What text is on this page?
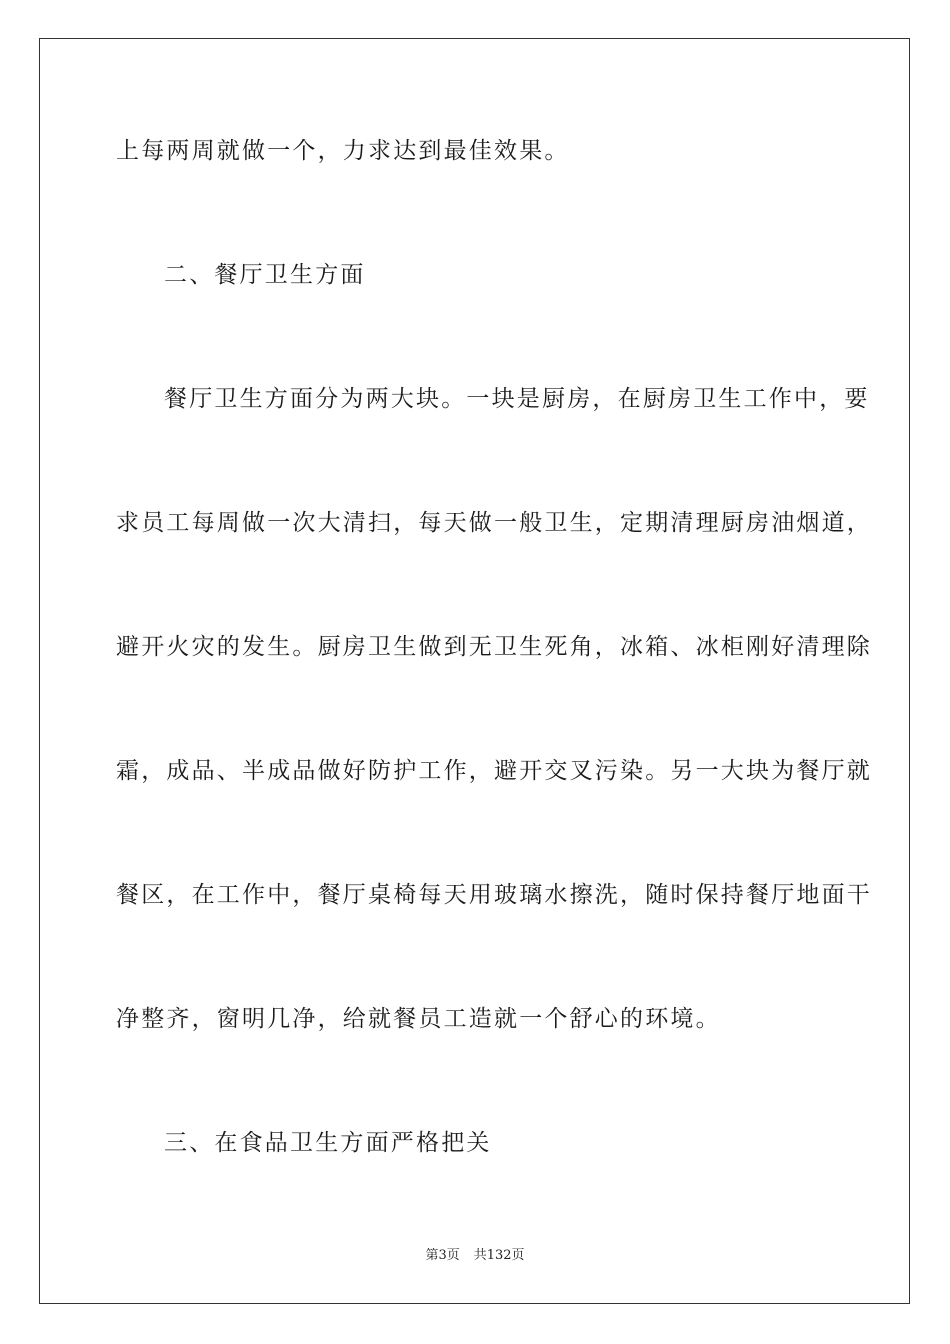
上每两周就做一个，力求达到最佳效果。
二、餐厅卫生方面
餐厅卫生方面分为两大块。一块是厨房，在厨房卫生工作中，要
求员工每周做一次大清扫，每天做一般卫生，定期清理厨房油烟道，
避开火灾的发生。厨房卫生做到无卫生死角，冰箱、冰柜刚好清理除
霜，成品、半成品做好防护工作，避开交叉污染。另一大块为餐厅就
餐区，在工作中，餐厅桌椅每天用玻璃水擦洗，随时保持餐厅地面干
净整齐，窗明几净，给就餐员工造就一个舒心的环境。
三、在食品卫生方面严格把关
第3页 共132页
